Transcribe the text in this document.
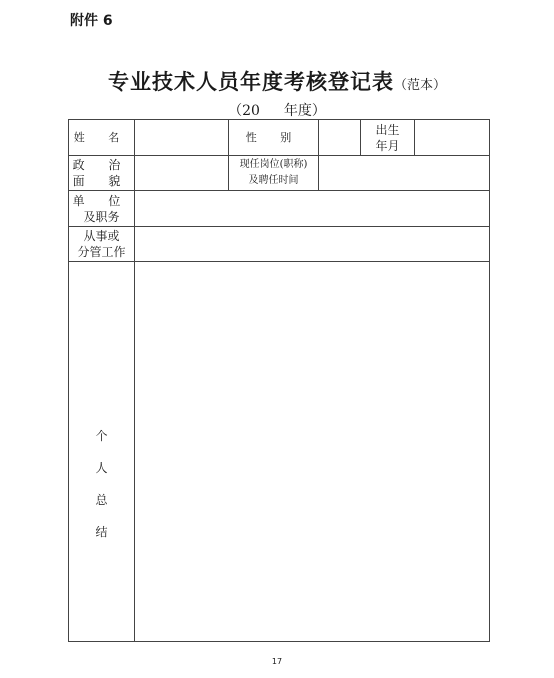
附件 6
专业技术人员年度考核登记表（范本）
（20 年度）
姓 名	性 别
出生
年月
政 治
面 貌
现任岗位(职称)
及聘任时间
单 位
及职务
从事或
分管工作
个
人
总
结
17
